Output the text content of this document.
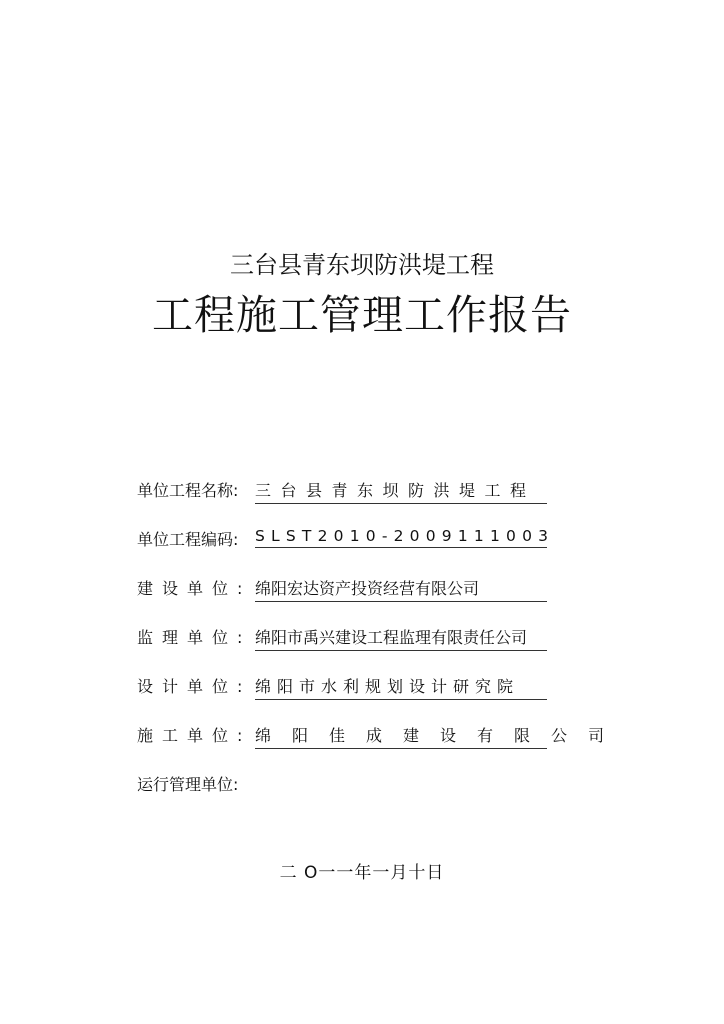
三台县青东坝防洪堤工程
工程施工管理工作报告
单位工程名称:	三台县青东坝防洪堤工程
单位工程编码:	SLST2010-2009111003
建设单位: 绵阳宏达资产投资经营有限公司
监理单位: 绵阳市禹兴建设工程监理有限责任公司
设计单位: 绵阳市水利规划设计研究院
施工单位: 绵阳佳成建设有限公司
运行管理单位:
二 O一一年一月十日
